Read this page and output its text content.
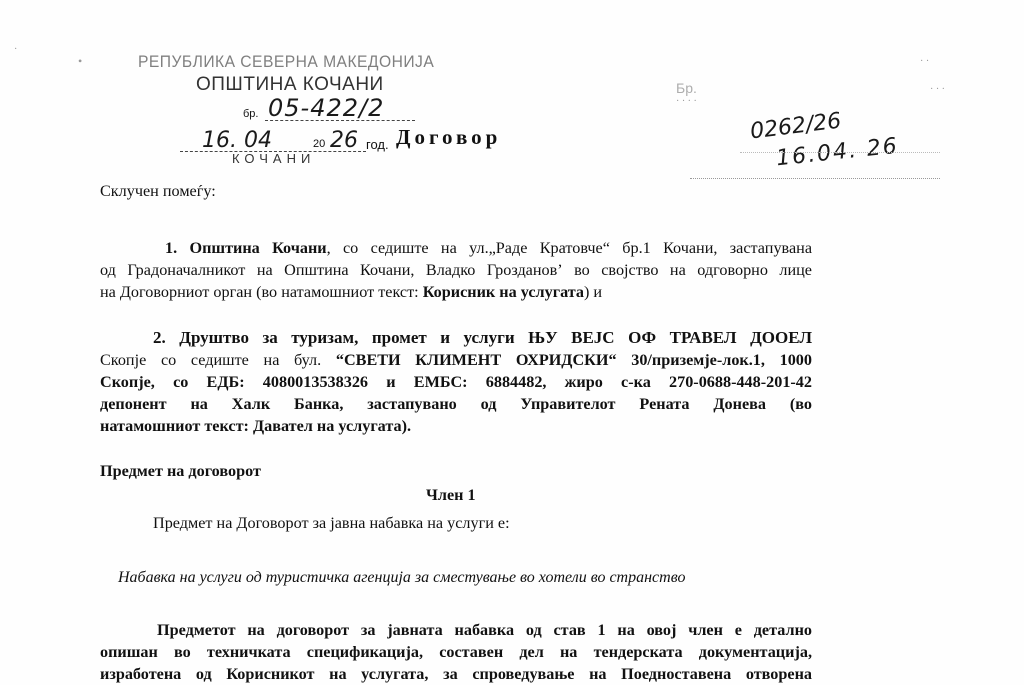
РЕПУБЛИКА СЕВЕРНА МАКЕДОНИЈА
ОПШТИНА КОЧАНИ
бр. 05-422/2
16. 04	20 26 год.
КОЧАНИ
•
·
Договор
Бр.
· · · ·
· ·
· · ·
0262/26
16.04. 26

Склучен помеѓу:

1. Општина Кочани, со седиште на ул.„Раде Кратовче“ бр.1 Кочани, застапувана

од Градоначалникот на Општина Кочани, Владко Гроздановʼ во својство на одговорно лице

на Договорниот орган (во натамошниот текст: Корисник на услугата) и

2. Друштво за туризам, промет и услуги ЊУ ВЕЈС ОФ ТРАВЕЛ ДООЕЛ

Скопје со седиште на бул. “СВЕТИ КЛИМЕНТ ОХРИДСКИ“ 30/приземје-лок.1, 1000

Скопје, со ЕДБ: 4080013538326 и ЕМБС: 6884482, жиро с-ка 270-0688-448-201-42

депонент на Халк Банка, застапувано од Управителот Рената Донева (во

натамошниот текст: Давател на услугата).

Предмет на договорот

Член 1

Предмет на Договорот за јавна набавка на услуги е:

Набавка на услуги од туристичка агенција за сместување во хотели во странство

Предметот на договорот за јавната набавка од став 1 на овој член е детално

опишан во техничката спецификација, составен дел на тендерската документација,

изработена од Корисникот на услугата, за спроведување на Поедноставена отворена
